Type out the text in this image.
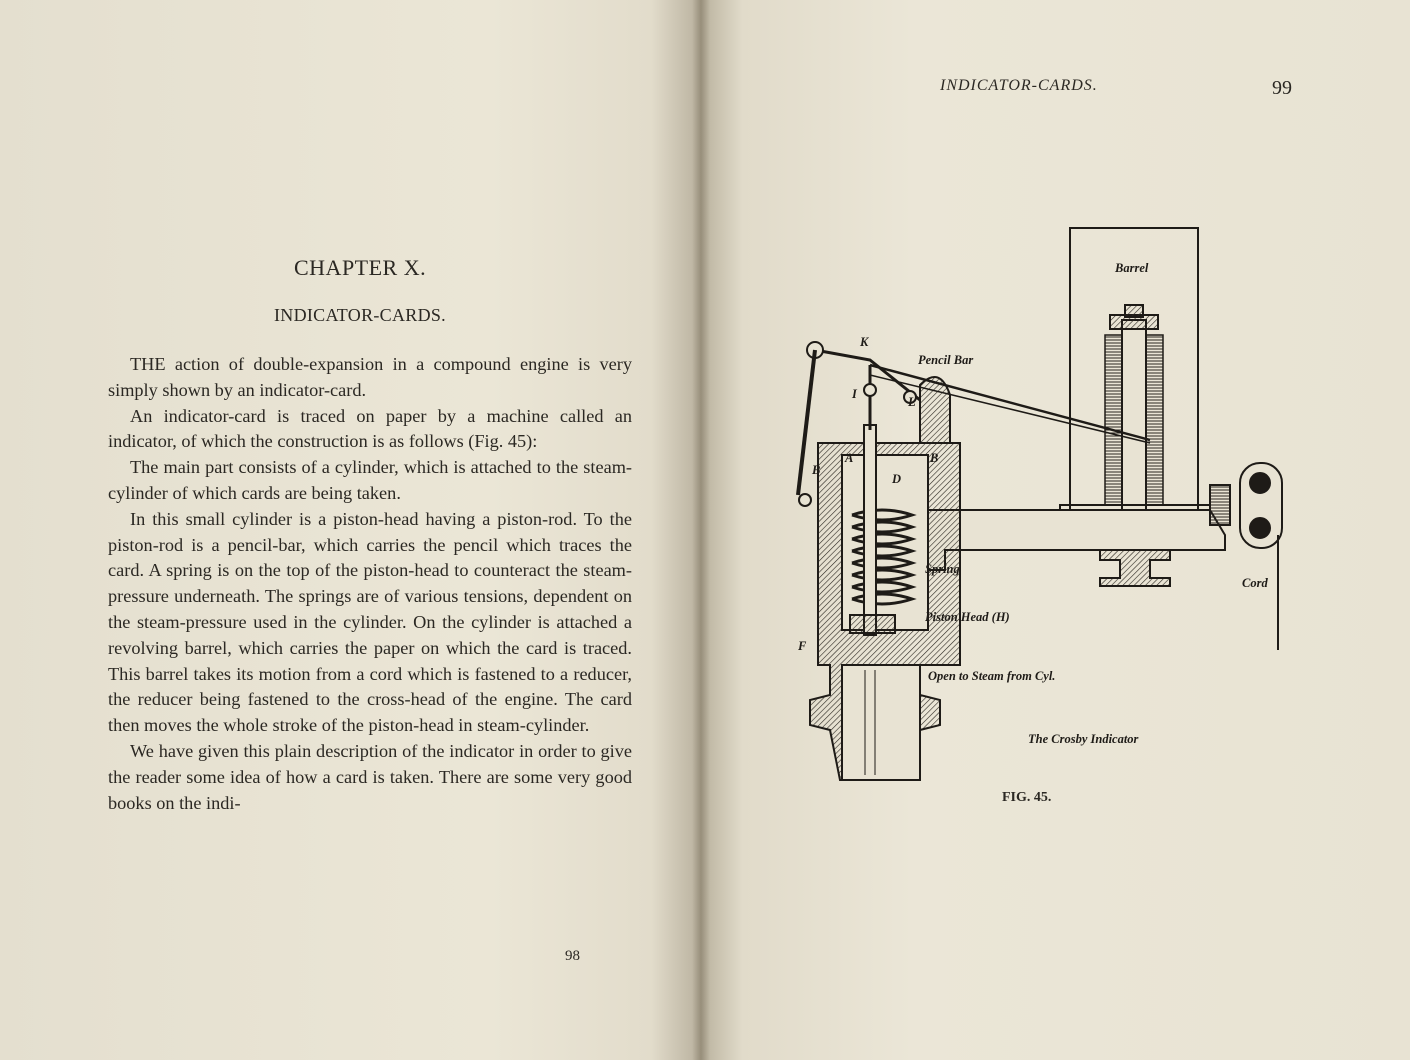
CHAPTER X.
INDICATOR-CARDS.

THE action of double-expansion in a compound engine is very simply shown by an indicator-card.

An indicator-card is traced on paper by a machine called an indicator, of which the construction is as follows (Fig. 45):

The main part consists of a cylinder, which is attached to the steam-cylinder of which cards are being taken.

In this small cylinder is a piston-head having a piston-rod. To the piston-rod is a pencil-bar, which carries the pencil which traces the card. A spring is on the top of the piston-head to counteract the steam-pressure underneath. The springs are of various tensions, dependent on the steam-pressure used in the cylinder. On the cylinder is attached a revolving barrel, which carries the paper on which the card is traced. This barrel takes its motion from a cord which is fastened to a reducer, the reducer being fastened to the cross-head of the engine. The card then moves the whole stroke of the piston-head in steam-cylinder.

We have given this plain description of the indicator in order to give the reader some idea of how a card is taken. There are some very good books on the indi-

98
INDICATOR-CARDS.	99
Barrel
K
Pencil Bar
I
L
B
B
A
D
Spring
Piston Head (H)
F
Open to Steam from Cyl.
Cord
The Crosby Indicator
FIG. 45.
